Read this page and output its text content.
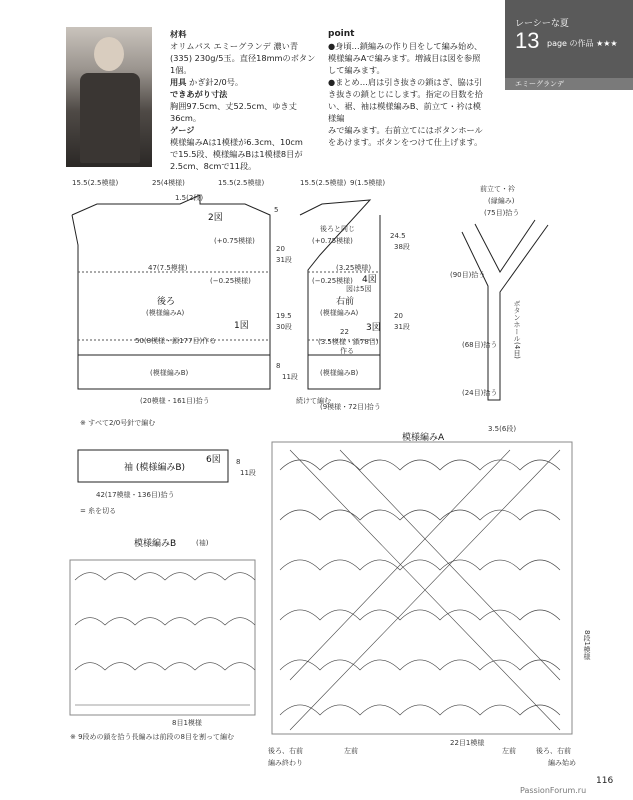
材料
オリムパス エミーグランデ 濃い青
(335) 230g/5玉。直径18mmのボタン
1個。
用具 かぎ針2/0号。
できあがり寸法
胸囲97.5cm、丈52.5cm、ゆき丈36cm。
ゲージ
模様編みAは1模様が6.3cm、10cm
で15.5段、模様編みBは1模様8目が
2.5cm、8cmで11段。
point
●身頃…鎖編みの作り目をして編み始め、
模様編みAで編みます。増減目は図を参照
して編みます。
●まとめ…肩は引き抜きの鎖はぎ、脇は引
き抜きの鎖とじにします。指定の目数を拾
い、裾、袖は模様編みB、前立て・衿は模様編
みで編みます。右前立てにはボタンホール
をあけます。ボタンをつけて仕上げます。
レーシーな夏
13 page の作品 ★★★
エミーグランデ
15.5(2.5模様)	25(4模様)	15.5(2.5模様)
1.5(2段)
2図
(+0.75模様)
47(7.5模様)
(−0.25模様)
後ろ
(模様編みA)
1図
50(8模様・鎖177目)作る
(模様編みB)
(20模様・161目)拾う
5
20
31段
19.5
30段
8
11段
15.5(2.5模様) 9(1.5模様)
後ろと同じ
(+0.75模様)
(3.25模様)
4図
(−0.25模様)
図は5図
右前
(模様編みA)
3図
22
(3.5模様・鎖78目)
作る
(模様編みB)
続けて編む
(9模様・72目)拾う
24.5
38段
20
31段
前立て・衿
(縁編み)
(75目)拾う
(90目)拾う
(68目)拾う
(24目)拾う
ボタンホール(4目)
3.5(6段)
※ すべて2/0号針で編む
袖 (模様編みB)
6図 8
11段
42(17模様・136目)拾う
= 糸を切る
模様編みB	(袖)
8目1模様
※ 9段めの鎖を拾う長編みは前段の8目を割って編む
模様編みA
8段1模様
22目1模様
後ろ、右前	左前
編み終わり
後ろ、右前
左前
編み始め
116
PassionForum.ru
